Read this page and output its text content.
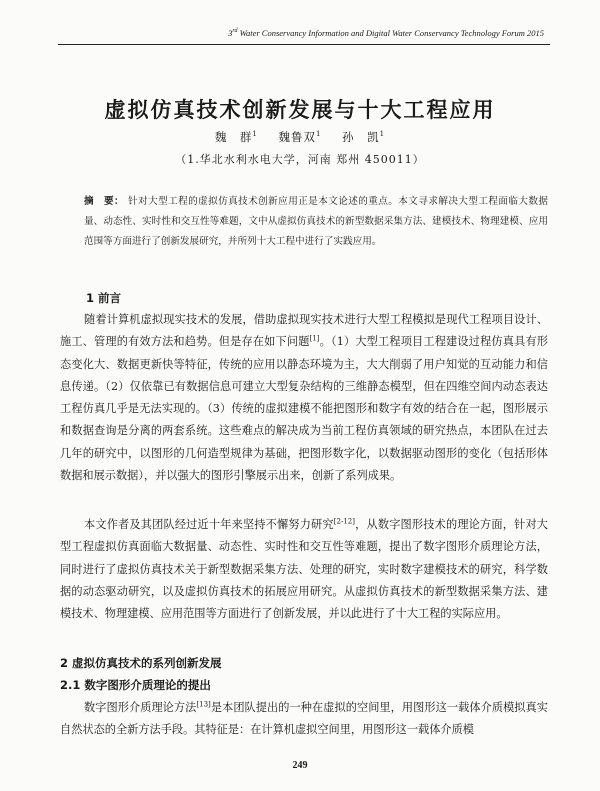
3rd Water Conservancy Information and Digital Water Conservancy Technology Forum 2015
虚拟仿真技术创新发展与十大工程应用
魏　群$^1$ 魏鲁双$^1$ 孙　凯$^1$
（1.华北水利水电大学，河南 郑州 450011）
摘　要： 针对大型工程的虚拟仿真技术创新应用正是本文论述的重点。本文寻求解决大型工程面临大数据量、动态性、实时性和交互性等难题，文中从虚拟仿真技术的新型数据采集方法、建模技术、物理建模、应用范围等方面进行了创新发展研究，并所列十大工程中进行了实践应用。
1 前言

随着计算机虚拟现实技术的发展，借助虚拟现实技术进行大型工程模拟是现代工程项目设计、施工、管理的有效方法和趋势。但是存在如下问题[1]。（1）大型工程项目工程建设过程仿真具有形态变化大、数据更新快等特征，传统的应用以静态环境为主，大大削弱了用户知觉的互动能力和信息传递。（2）仅依靠已有数据信息可建立大型复杂结构的三维静态模型，但在四维空间内动态表达工程仿真几乎是无法实现的。（3）传统的虚拟建模不能把图形和数字有效的结合在一起，图形展示和数据查询是分离的两套系统。这些难点的解决成为当前工程仿真领域的研究热点，本团队在过去几年的研究中，以图形的几何造型规律为基础，把图形数字化，以数据驱动图形的变化（包括形体数据和展示数据），并以强大的图形引擎展示出来，创新了系列成果。

本文作者及其团队经过近十年来坚持不懈努力研究[2-12]，从数字图形技术的理论方面，针对大型工程虚拟仿真面临大数据量、动态性、实时性和交互性等难题，提出了数字图形介质理论方法，同时进行了虚拟仿真技术关于新型数据采集方法、处理的研究，实时数字建模技术的研究，科学数据的动态驱动研究，以及虚拟仿真技术的拓展应用研究。从虚拟仿真技术的新型数据采集方法、建模技术、物理建模、应用范围等方面进行了创新发展，并以此进行了十大工程的实际应用。

2 虚拟仿真技术的系列创新发展
2.1 数字图形介质理论的提出

数字图形介质理论方法[13]是本团队提出的一种在虚拟的空间里，用图形这一载体介质模拟真实自然状态的全新方法手段。其特征是：在计算机虚拟空间里，用图形这一载体介质模

249
